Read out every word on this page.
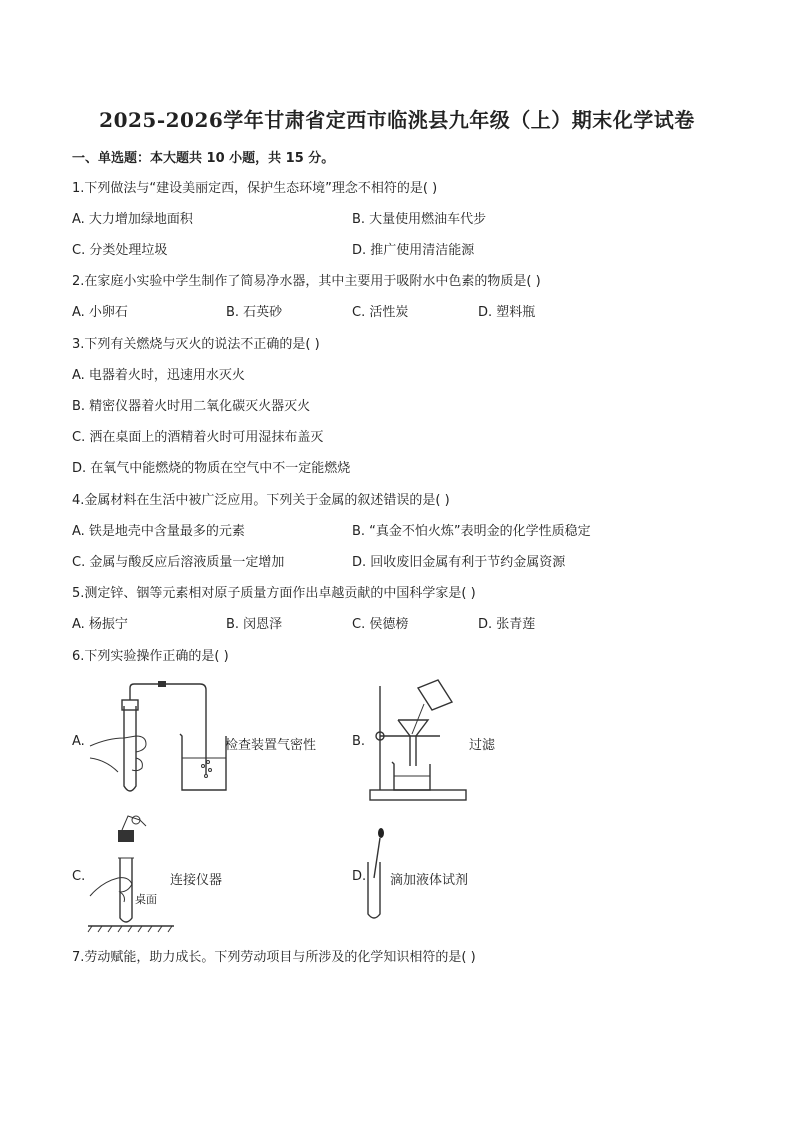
2025-2026学年甘肃省定西市临洮县九年级（上）期末化学试卷
一、单选题：本大题共 10 小题，共 15 分。
1.下列做法与“建设美丽定西，保护生态环境”理念不相符的是( )
A. 大力增加绿地面积	B. 大量使用燃油车代步
C. 分类处理垃圾	D. 推广使用清洁能源
2.在家庭小实验中学生制作了简易净水器，其中主要用于吸附水中色素的物质是( )
A. 小卵石	B. 石英砂	C. 活性炭	D. 塑料瓶
3.下列有关燃烧与灭火的说法不正确的是( )
A. 电器着火时，迅速用水灭火
B. 精密仪器着火时用二氧化碳灭火器灭火
C. 洒在桌面上的酒精着火时可用湿抹布盖灭
D. 在氧气中能燃烧的物质在空气中不一定能燃烧
4.金属材料在生活中被广泛应用。下列关于金属的叙述错误的是( )
A. 铁是地壳中含量最多的元素	B. “真金不怕火炼”表明金的化学性质稳定
C. 金属与酸反应后溶液质量一定增加	D. 回收废旧金属有利于节约金属资源
5.测定锌、铟等元素相对原子质量方面作出卓越贡献的中国科学家是( )
A. 杨振宁	B. 闵恩泽	C. 侯德榜	D. 张青莲
6.下列实验操作正确的是( )
A.	检查装置气密性	B.	过滤
C.	连接仪器	D. 滴加液体试剂
桌面
7.劳动赋能，助力成长。下列劳动项目与所涉及的化学知识相符的是( )
